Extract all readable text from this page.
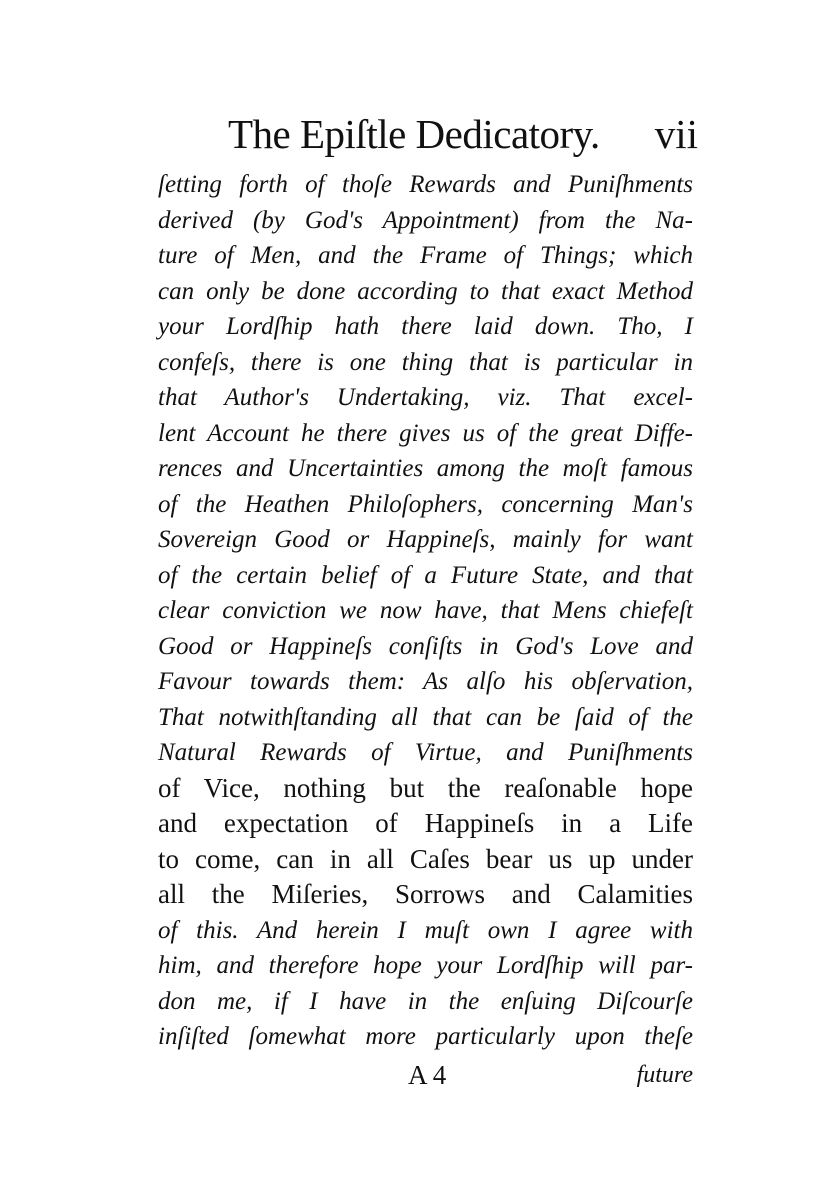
The Epiſtle Dedicatory. vii
ſetting forth of thoſe Rewards and Puniſhments
derived (by God's Appointment) from the Na-
ture of Men, and the Frame of Things; which
can only be done according to that exact Method
your Lordſhip hath there laid down. Tho, I
confeſs, there is one thing that is particular in
that Author's Undertaking, viz. That excel-
lent Account he there gives us of the great Diffe-
rences and Uncertainties among the moſt famous
of the Heathen Philoſophers, concerning Man's
Sovereign Good or Happineſs, mainly for want
of the certain belief of a Future State, and that
clear conviction we now have, that Mens chiefeſt
Good or Happineſs conſiſts in God's Love and
Favour towards them: As alſo his obſervation,
That notwithſtanding all that can be ſaid of the
Natural Rewards of Virtue, and Puniſhments
of Vice, nothing but the reaſonable hope
and expectation of Happineſs in a Life
to come, can in all Caſes bear us up under
all the Miſeries, Sorrows and Calamities
of this. And herein I muſt own I agree with
him, and therefore hope your Lordſhip will par-
don me, if I have in the enſuing Diſcourſe
inſiſted ſomewhat more particularly upon theſe
A 4	future
